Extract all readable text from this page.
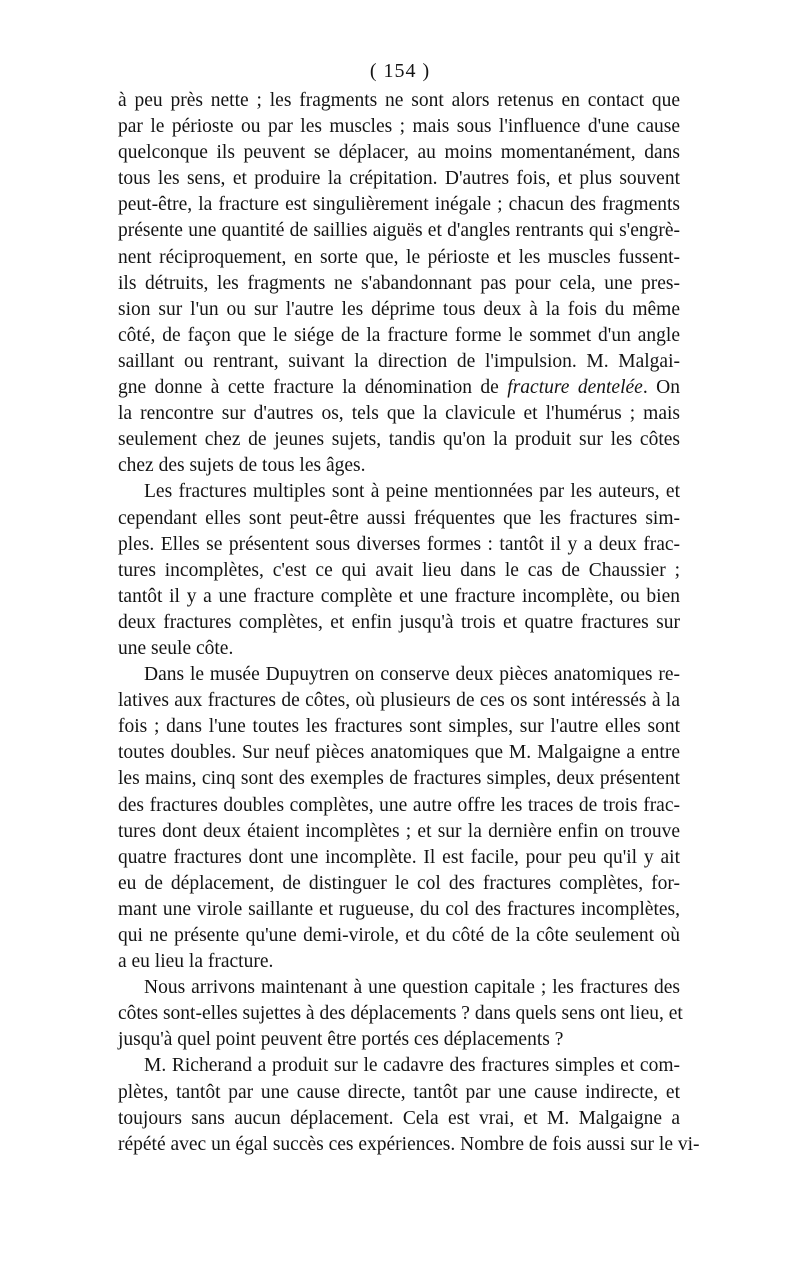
( 154 )
à peu près nette ; les fragments ne sont alors retenus en contact que
par le périoste ou par les muscles ; mais sous l'influence d'une cause
quelconque ils peuvent se déplacer, au moins momentanément, dans
tous les sens, et produire la crépitation. D'autres fois, et plus souvent
peut-être, la fracture est singulièrement inégale ; chacun des fragments
présente une quantité de saillies aiguës et d'angles rentrants qui s'engrè-
nent réciproquement, en sorte que, le périoste et les muscles fussent-
ils détruits, les fragments ne s'abandonnant pas pour cela, une pres-
sion sur l'un ou sur l'autre les déprime tous deux à la fois du même
côté, de façon que le siége de la fracture forme le sommet d'un angle
saillant ou rentrant, suivant la direction de l'impulsion. M. Malgai-
gne donne à cette fracture la dénomination de fracture dentelée. On
la rencontre sur d'autres os, tels que la clavicule et l'humérus ; mais
seulement chez de jeunes sujets, tandis qu'on la produit sur les côtes
chez des sujets de tous les âges.
Les fractures multiples sont à peine mentionnées par les auteurs, et
cependant elles sont peut-être aussi fréquentes que les fractures sim-
ples. Elles se présentent sous diverses formes : tantôt il y a deux frac-
tures incomplètes, c'est ce qui avait lieu dans le cas de Chaussier ;
tantôt il y a une fracture complète et une fracture incomplète, ou bien
deux fractures complètes, et enfin jusqu'à trois et quatre fractures sur
une seule côte.
Dans le musée Dupuytren on conserve deux pièces anatomiques re-
latives aux fractures de côtes, où plusieurs de ces os sont intéressés à la
fois ; dans l'une toutes les fractures sont simples, sur l'autre elles sont
toutes doubles. Sur neuf pièces anatomiques que M. Malgaigne a entre
les mains, cinq sont des exemples de fractures simples, deux présentent
des fractures doubles complètes, une autre offre les traces de trois frac-
tures dont deux étaient incomplètes ; et sur la dernière enfin on trouve
quatre fractures dont une incomplète. Il est facile, pour peu qu'il y ait
eu de déplacement, de distinguer le col des fractures complètes, for-
mant une virole saillante et rugueuse, du col des fractures incomplètes,
qui ne présente qu'une demi-virole, et du côté de la côte seulement où
a eu lieu la fracture.
Nous arrivons maintenant à une question capitale ; les fractures des
côtes sont-elles sujettes à des déplacements ? dans quels sens ont lieu, et
jusqu'à quel point peuvent être portés ces déplacements ?
M. Richerand a produit sur le cadavre des fractures simples et com-
plètes, tantôt par une cause directe, tantôt par une cause indirecte, et
toujours sans aucun déplacement. Cela est vrai, et M. Malgaigne a
répété avec un égal succès ces expériences. Nombre de fois aussi sur le vi-
